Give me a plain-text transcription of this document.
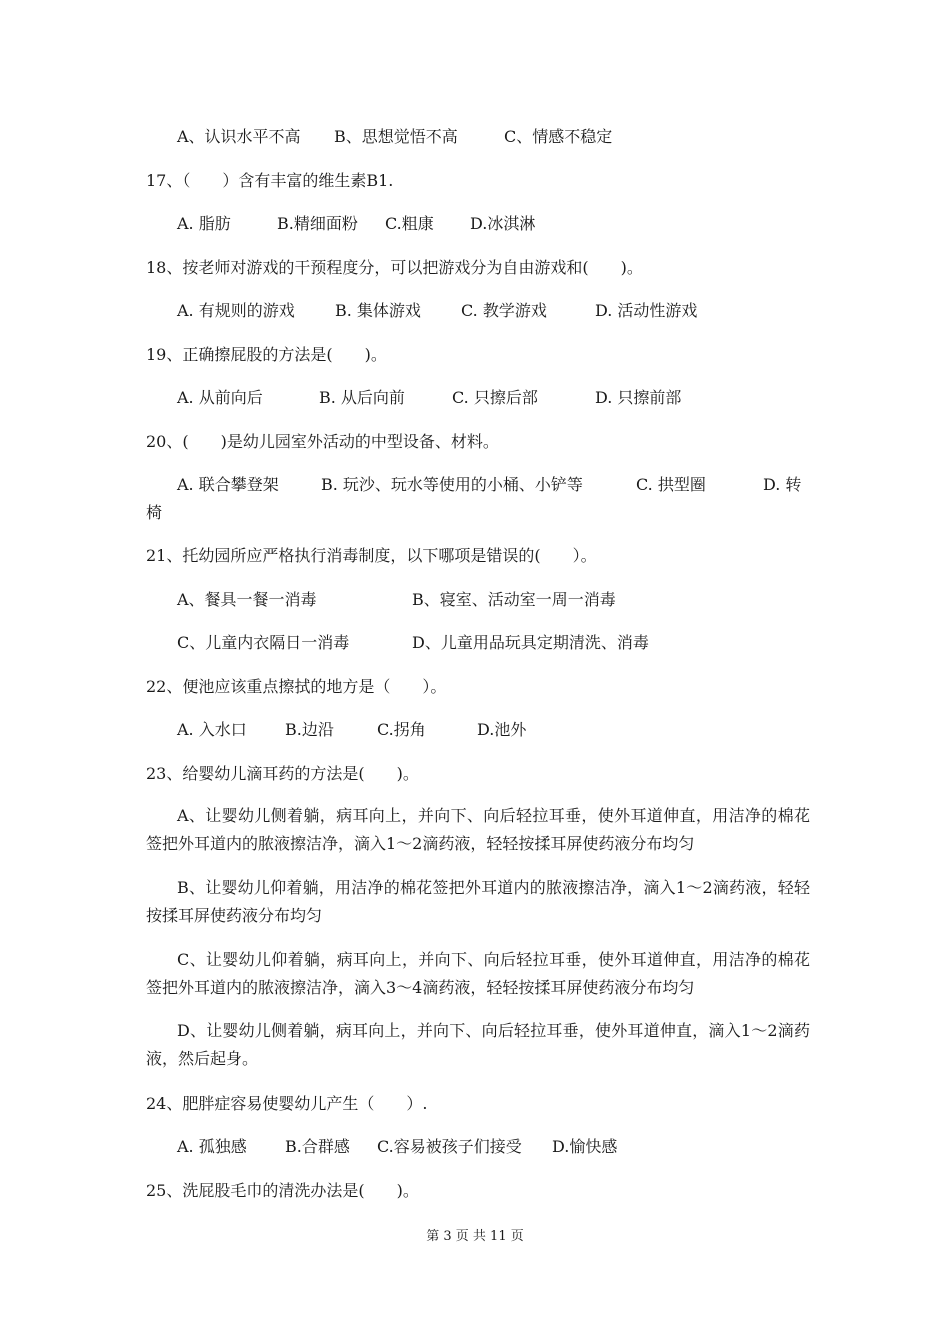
A、认识水平不高 B、思想觉悟不高	C、情感不稳定
17、（　　）含有丰富的维生素B1.
A. 脂肪	B.精细面粉 C.粗康 D.冰淇淋
18、按老师对游戏的干预程度分，可以把游戏分为自由游戏和(　　)。
A. 有规则的游戏	B. 集体游戏	C. 教学游戏	D. 活动性游戏
19、正确擦屁股的方法是(　　)。
A. 从前向后	B. 从后向前	C. 只擦后部	D. 只擦前部
20、(　　)是幼儿园室外活动的中型设备、材料。
A. 联合攀登架	B. 玩沙、玩水等使用的小桶、小铲等	C. 拱型圈	D. 转
椅
21、托幼园所应严格执行消毒制度，以下哪项是错误的(　　）。
A、餐具一餐一消毒	B、寝室、活动室一周一消毒
C、儿童内衣隔日一消毒	D、儿童用品玩具定期清洗、消毒
22、便池应该重点擦拭的地方是（　　）。
A. 入水口 B.边沿	C.拐角	D.池外
23、给婴幼儿滴耳药的方法是(　　)。
A、让婴幼儿侧着躺，病耳向上，并向下、向后轻拉耳垂，使外耳道伸直，用洁净的棉花签把外耳道内的脓液擦洁净，滴入1～2滴药液，轻轻按揉耳屏使药液分布均匀
B、让婴幼儿仰着躺，用洁净的棉花签把外耳道内的脓液擦洁净，滴入1～2滴药液，轻轻按揉耳屏使药液分布均匀
C、让婴幼儿仰着躺，病耳向上，并向下、向后轻拉耳垂，使外耳道伸直，用洁净的棉花签把外耳道内的脓液擦洁净，滴入3～4滴药液，轻轻按揉耳屏使药液分布均匀
D、让婴幼儿侧着躺，病耳向上，并向下、向后轻拉耳垂，使外耳道伸直，滴入1～2滴药液，然后起身。
24、肥胖症容易使婴幼儿产生（　　）.
A. 孤独感 B.合群感 C.容易被孩子们接受 D.愉快感
25、洗屁股毛巾的清洗办法是(　　)。
第 3 页 共 11 页
